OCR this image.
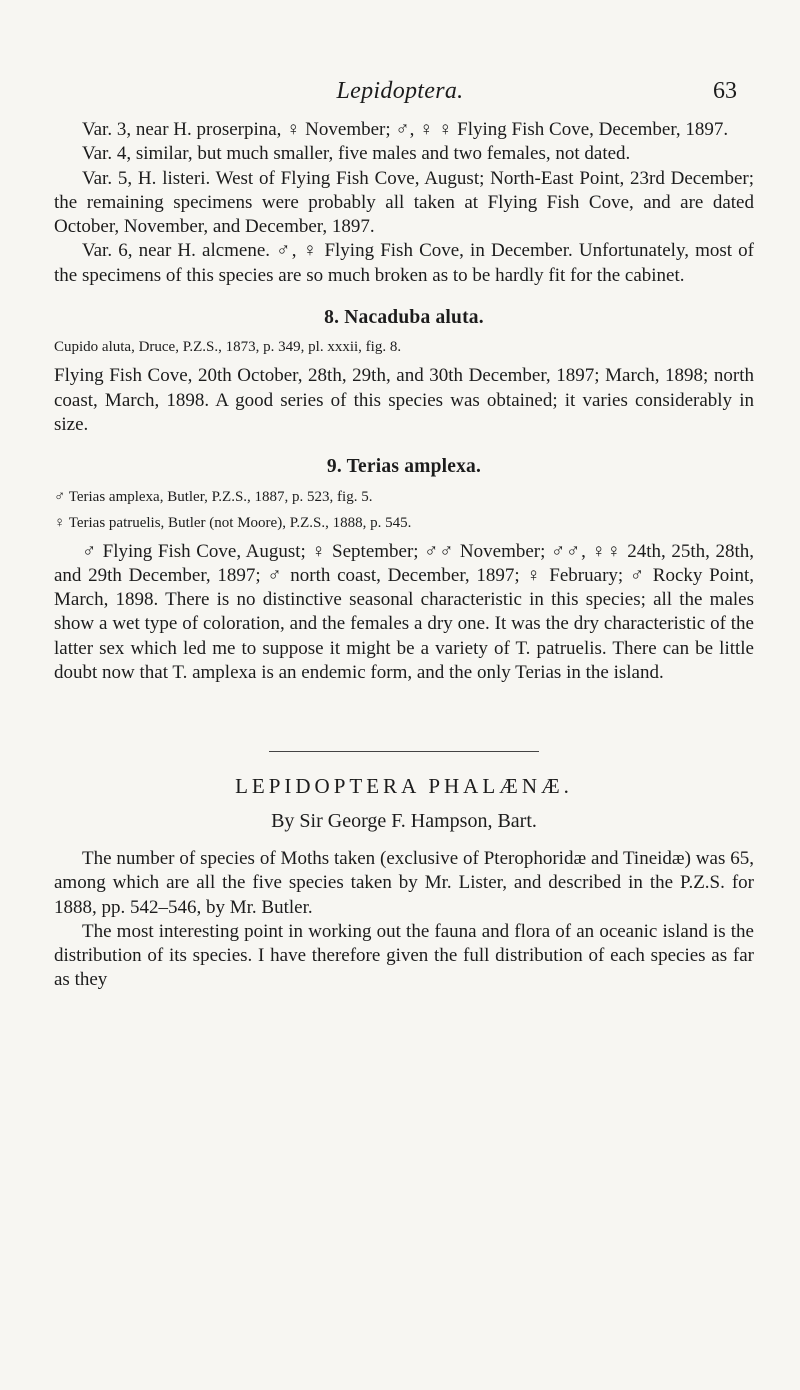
Lepidoptera.	63

Var. 3, near H. proserpina, ♀ November; ♂, ♀ ♀ Flying Fish Cove, December, 1897.

Var. 4, similar, but much smaller, five males and two females, not dated.

Var. 5, H. listeri. West of Flying Fish Cove, August; North-East Point, 23rd December; the remaining specimens were probably all taken at Flying Fish Cove, and are dated October, November, and December, 1897.

Var. 6, near H. alcmene. ♂, ♀ Flying Fish Cove, in December. Unfortunately, most of the specimens of this species are so much broken as to be hardly fit for the cabinet.

8. Nacaduba aluta.

Cupido aluta, Druce, P.Z.S., 1873, p. 349, pl. xxxii, fig. 8.

Flying Fish Cove, 20th October, 28th, 29th, and 30th December, 1897; March, 1898; north coast, March, 1898. A good series of this species was obtained; it varies considerably in size.

9. Terias amplexa.

♂ Terias amplexa, Butler, P.Z.S., 1887, p. 523, fig. 5.

♀ Terias patruelis, Butler (not Moore), P.Z.S., 1888, p. 545.

♂ Flying Fish Cove, August; ♀ September; ♂♂ November; ♂♂, ♀♀ 24th, 25th, 28th, and 29th December, 1897; ♂ north coast, December, 1897; ♀ February; ♂ Rocky Point, March, 1898. There is no distinctive seasonal characteristic in this species; all the males show a wet type of coloration, and the females a dry one. It was the dry characteristic of the latter sex which led me to suppose it might be a variety of T. patruelis. There can be little doubt now that T. amplexa is an endemic form, and the only Terias in the island.

LEPIDOPTERA PHALÆNÆ.
By Sir George F. Hampson, Bart.

The number of species of Moths taken (exclusive of Pterophoridæ and Tineidæ) was 65, among which are all the five species taken by Mr. Lister, and described in the P.Z.S. for 1888, pp. 542–546, by Mr. Butler.

The most interesting point in working out the fauna and flora of an oceanic island is the distribution of its species. I have therefore given the full distribution of each species as far as they
